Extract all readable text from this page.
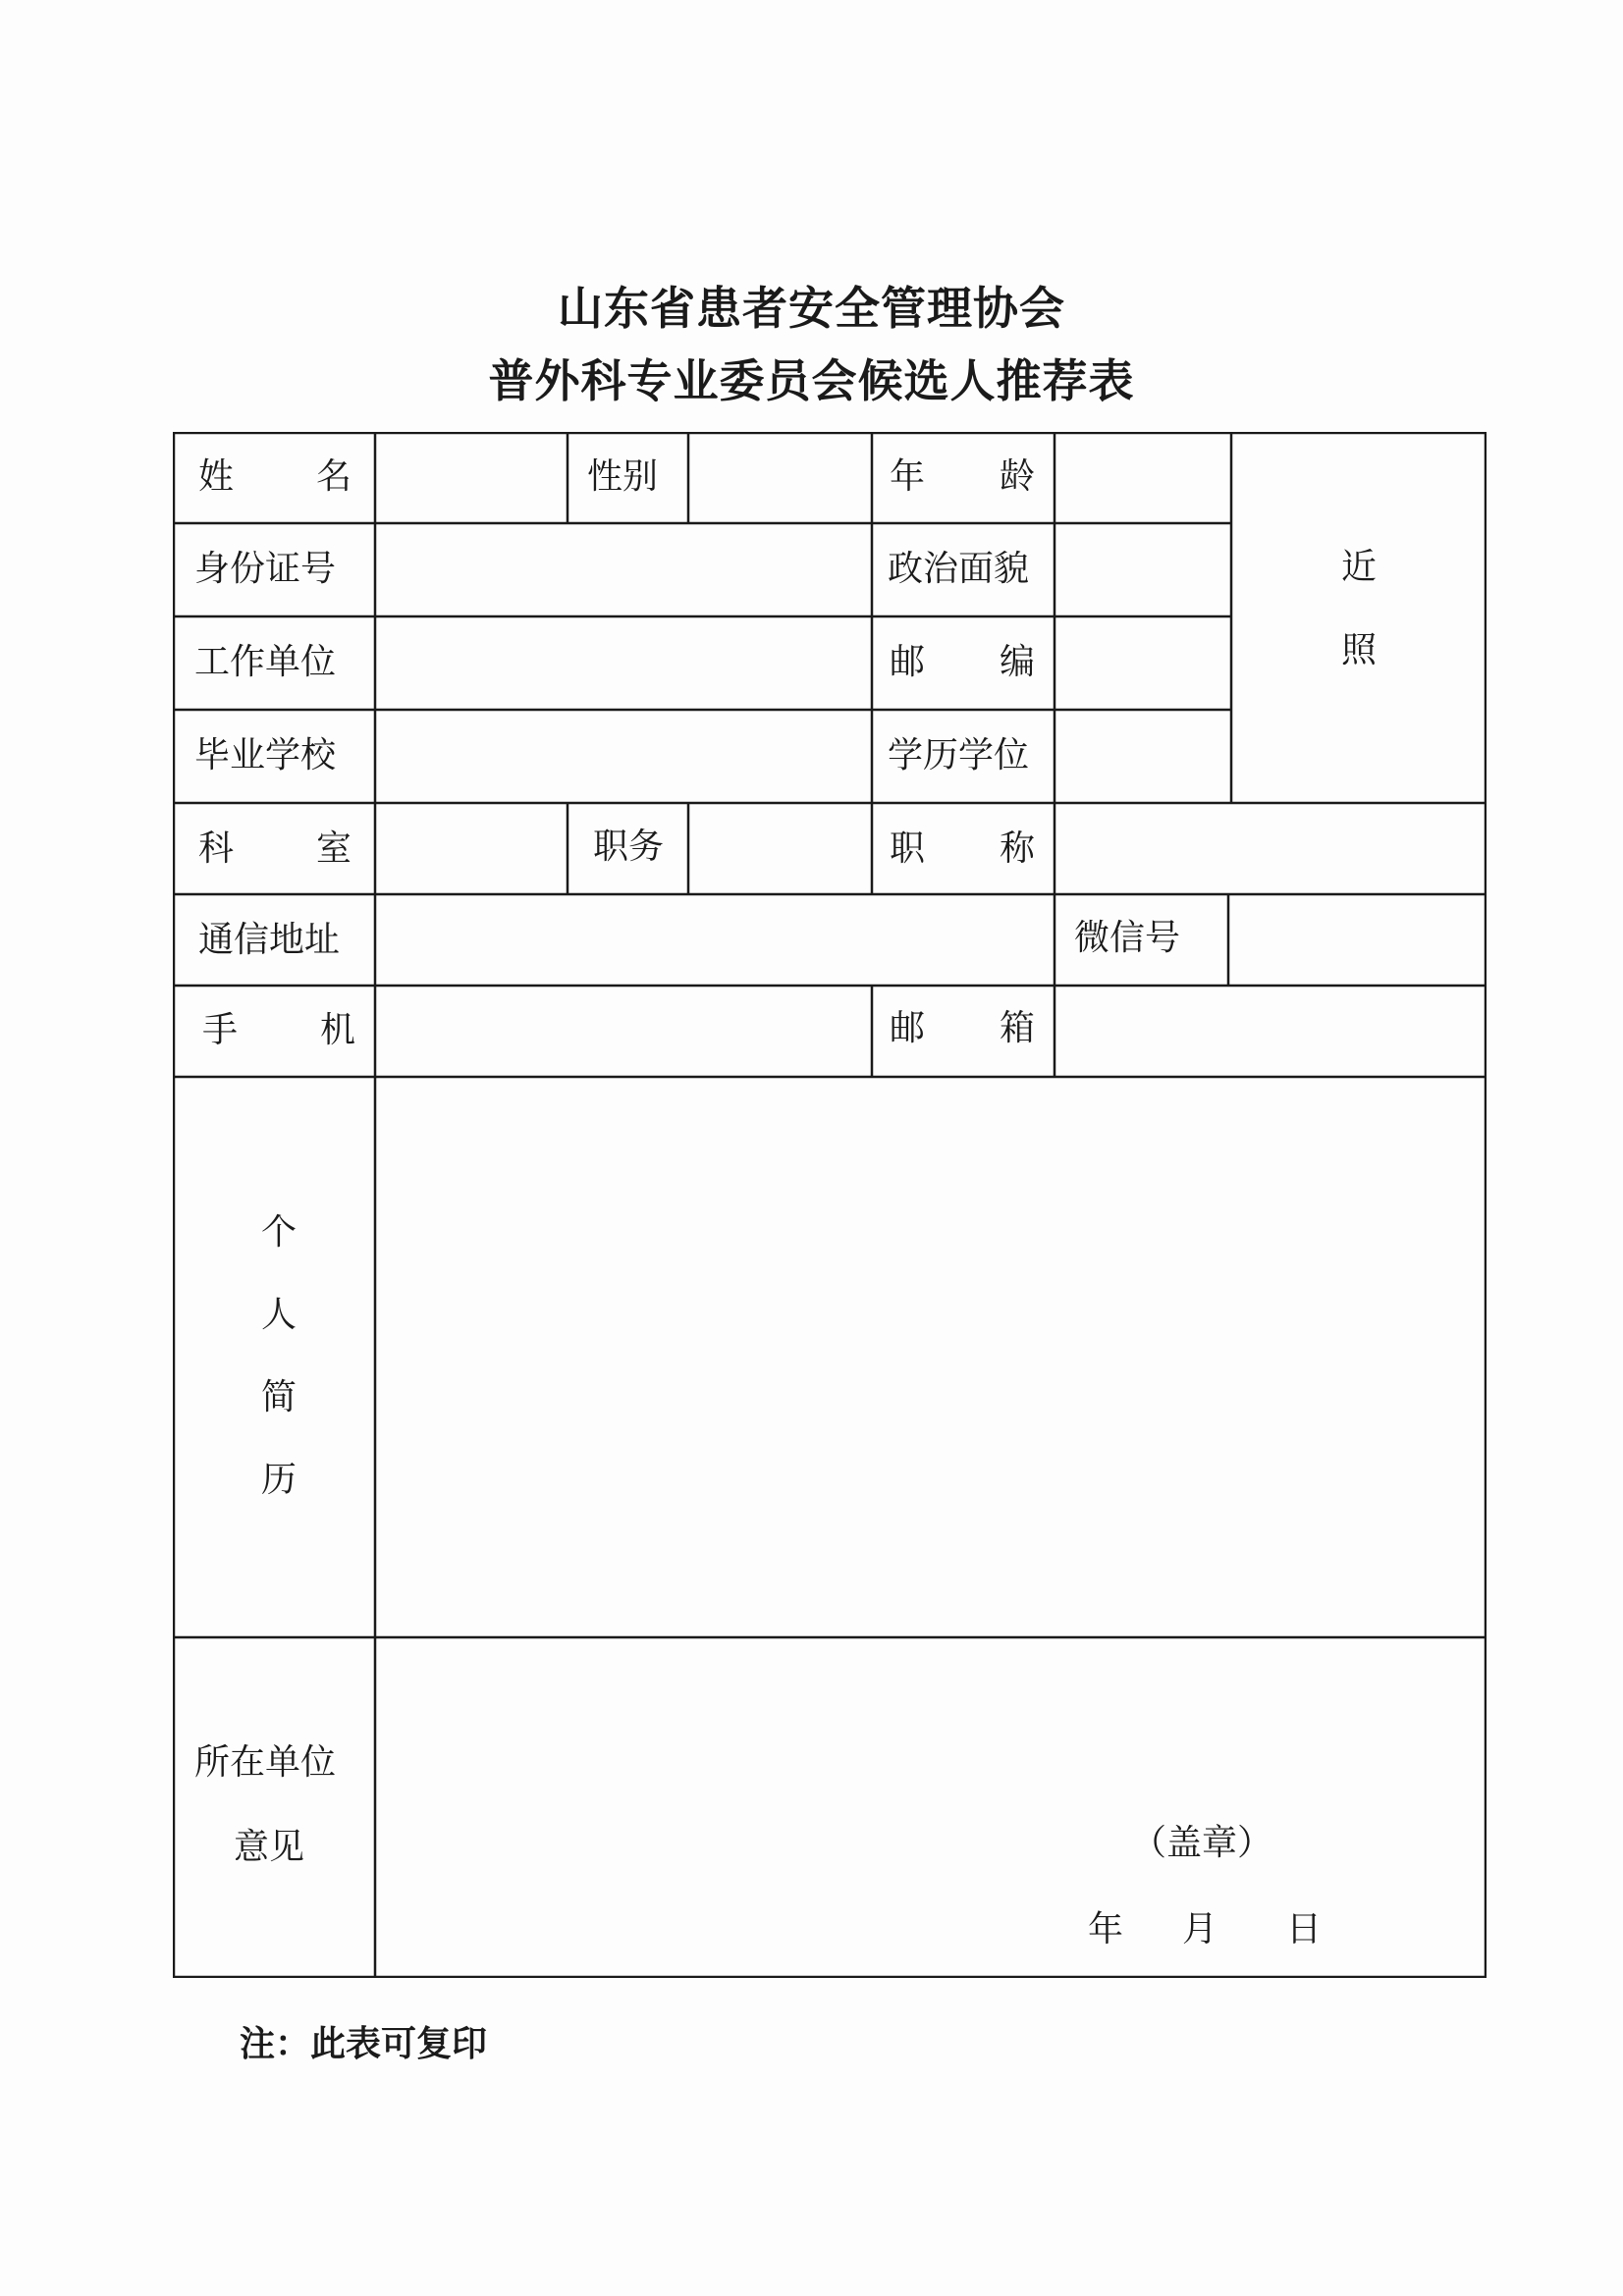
山东省患者安全管理协会
普外科专业委员会候选人推荐表
姓 名	性别	年 龄
近
照
身份证号	政治面貌
工作单位	邮 编
毕业学校	学历学位
科 室	职务	职 称
通信地址	微信号
手 机	邮 箱
个
人
简
历
所在单位
意见	（盖章）
年 月 日
注：此表可复印
